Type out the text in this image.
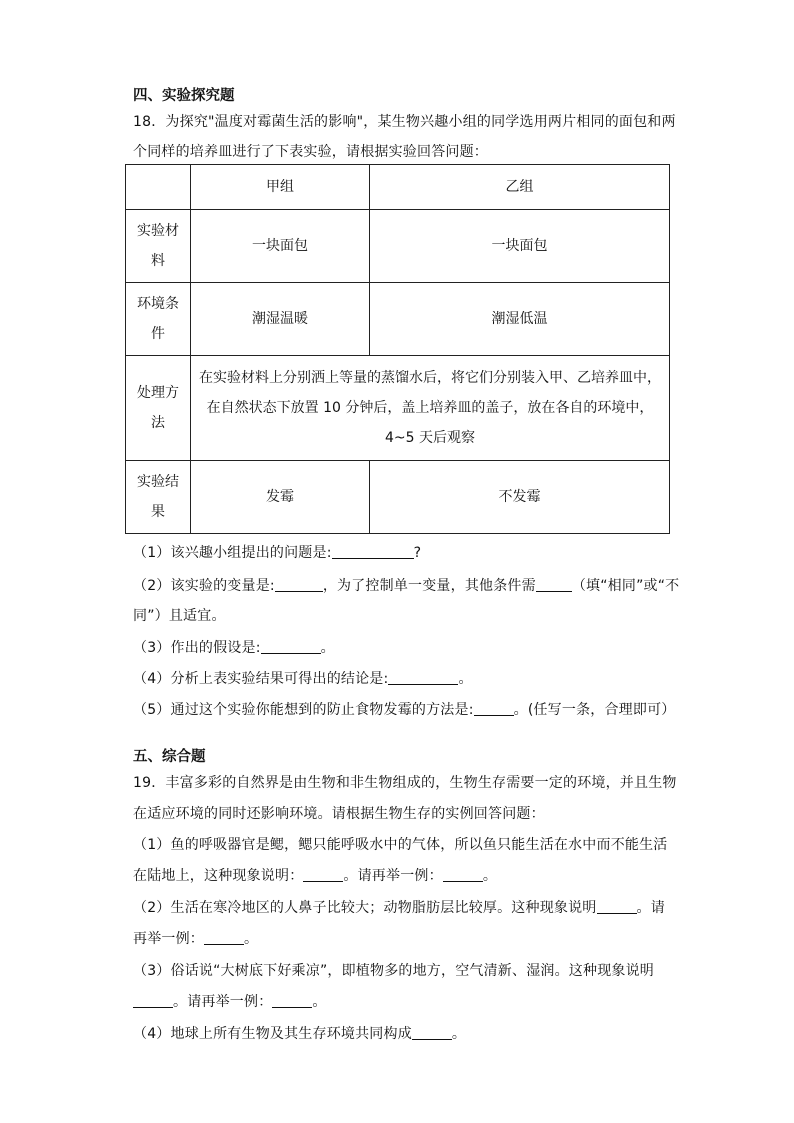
四、实验探究题
18．为探究"温度对霉菌生活的影响"，某生物兴趣小组的同学选用两片相同的面包和两
个同样的培养皿进行了下表实验，请根据实验回答问题：
	甲组	乙组
实验材料	一块面包	一块面包
环境条件	潮湿温暖	潮湿低温
处理方法	在实验材料上分别洒上等量的蒸馏水后，将它们分别装入甲、乙培养皿中，在自然状态下放置 10 分钟后，盖上培养皿的盖子，放在各自的环境中，4~5 天后观察	
实验结果	发霉	不发霉
（1）该兴趣小组提出的问题是:	?
（2）该实验的变量是:	，为了控制单一变量，其他条件需	（填“相同”或“不
同”）且适宜。
（3）作出的假设是:	。
（4）分析上表实验结果可得出的结论是:	。
（5）通过这个实验你能想到的防止食物发霉的方法是:	。(任写一条，合理即可）
五、综合题
19．丰富多彩的自然界是由生物和非生物组成的，生物生存需要一定的环境，并且生物
在适应环境的同时还影响环境。请根据生物生存的实例回答问题：
（1）鱼的呼吸器官是鳃，鳃只能呼吸水中的气体，所以鱼只能生活在水中而不能生活
在陆地上，这种现象说明：	。请再举一例：	。
（2）生活在寒冷地区的人鼻子比较大；动物脂肪层比较厚。这种现象说明	。请
再举一例：	。
（3）俗话说“大树底下好乘凉”，即植物多的地方，空气清新、湿润。这种现象说明
。请再举一例：	。
（4）地球上所有生物及其生存环境共同构成	。
